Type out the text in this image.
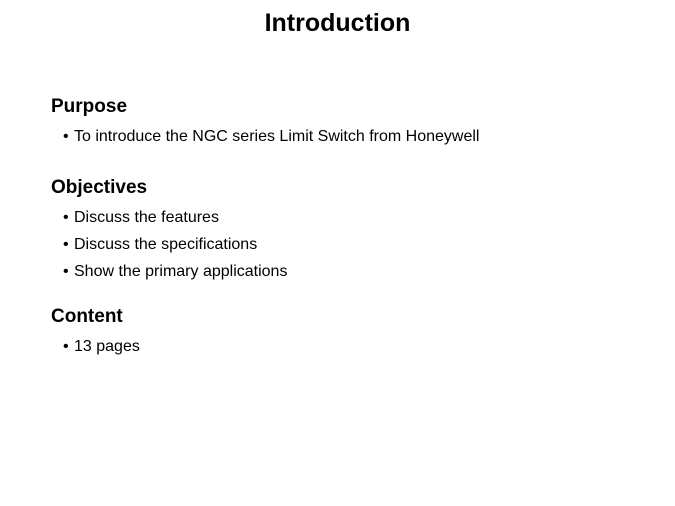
Introduction
Purpose
• To introduce the NGC series Limit Switch from Honeywell
Objectives
• Discuss the features
• Discuss the specifications
• Show the primary applications
Content
• 13 pages
